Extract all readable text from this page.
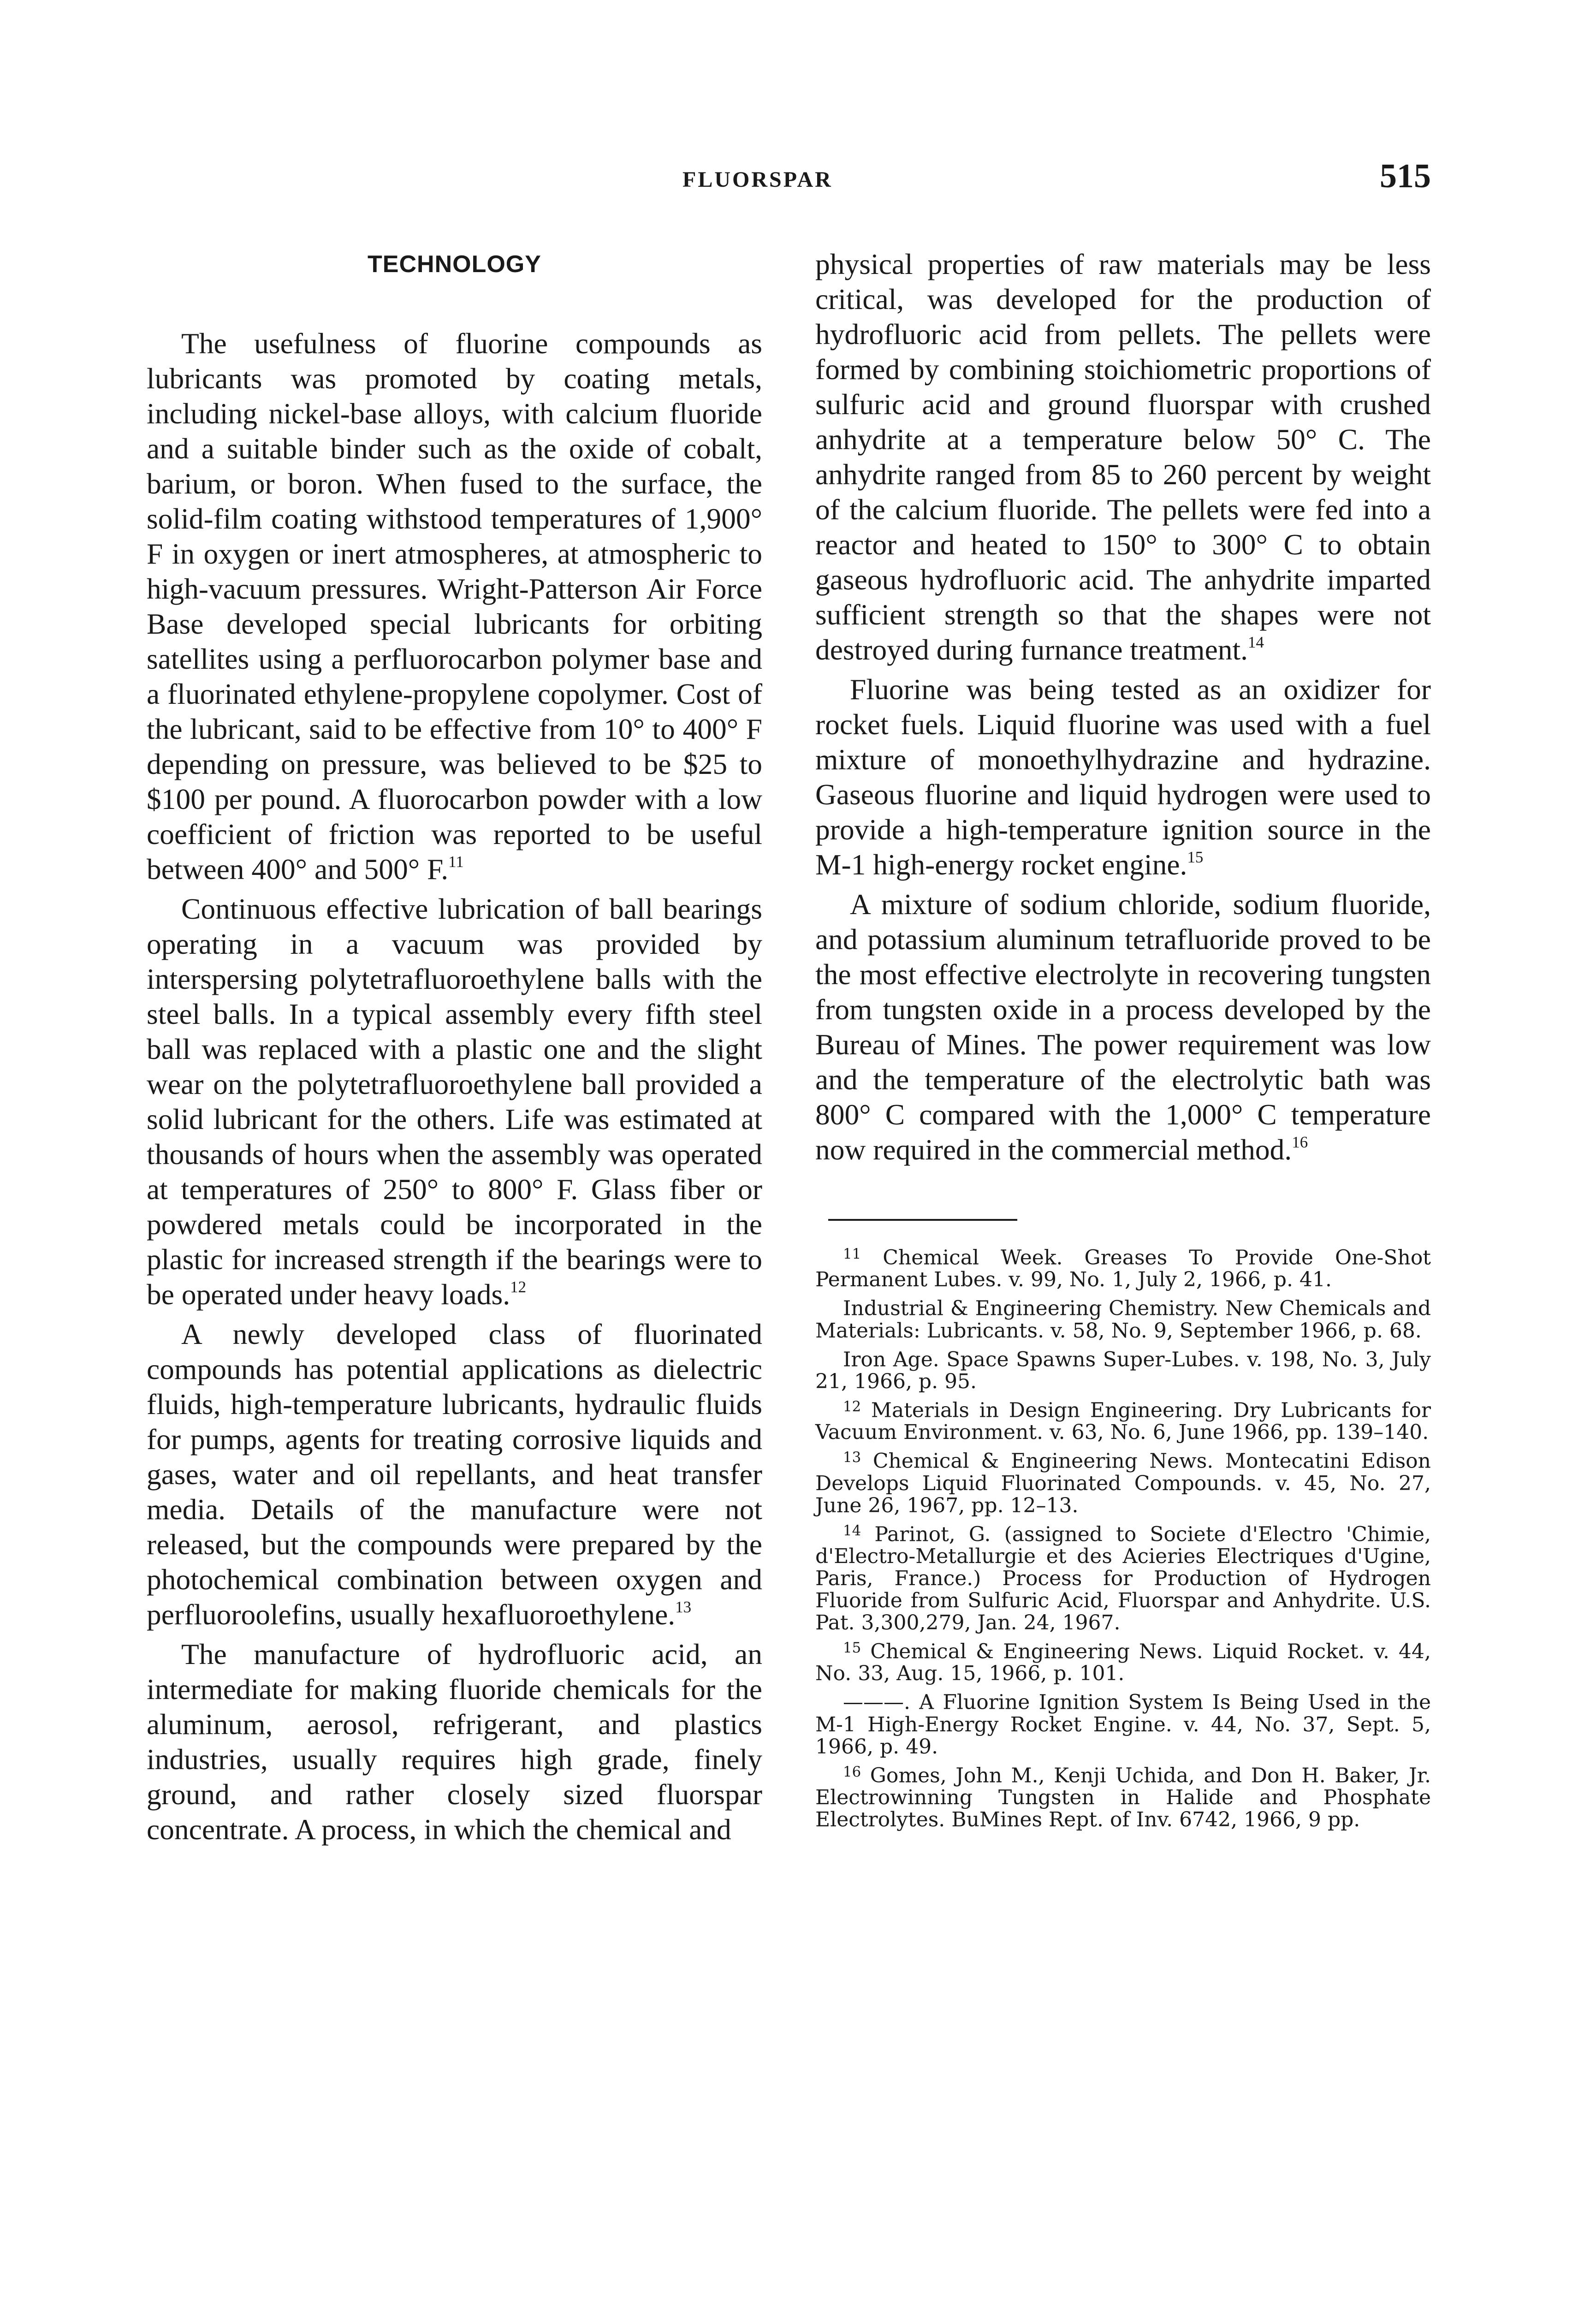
FLUORSPAR	515
TECHNOLOGY

The usefulness of fluorine compounds as lubricants was promoted by coating metals, including nickel-base alloys, with calcium fluoride and a suitable binder such as the oxide of cobalt, barium, or boron. When fused to the surface, the solid-film coating withstood temperatures of 1,900° F in oxygen or inert atmospheres, at atmospheric to high-vacuum pressures. Wright-Patterson Air Force Base developed special lubricants for orbiting satellites using a perfluorocarbon polymer base and a fluorinated ethylene-propylene copolymer. Cost of the lubricant, said to be effective from 10° to 400° F depending on pressure, was believed to be $25 to $100 per pound. A fluorocarbon powder with a low coefficient of friction was reported to be useful between 400° and 500° F.$^{11}$

Continuous effective lubrication of ball bearings operating in a vacuum was provided by interspersing polytetrafluoroethylene balls with the steel balls. In a typical assembly every fifth steel ball was replaced with a plastic one and the slight wear on the polytetrafluoroethylene ball provided a solid lubricant for the others. Life was estimated at thousands of hours when the assembly was operated at temperatures of 250° to 800° F. Glass fiber or powdered metals could be incorporated in the plastic for increased strength if the bearings were to be operated under heavy loads.$^{12}$

A newly developed class of fluorinated compounds has potential applications as dielectric fluids, high-temperature lubricants, hydraulic fluids for pumps, agents for treating corrosive liquids and gases, water and oil repellants, and heat transfer media. Details of the manufacture were not released, but the compounds were prepared by the photochemical combination between oxygen and perfluoroolefins, usually hexafluoroethylene.$^{13}$

The manufacture of hydrofluoric acid, an intermediate for making fluoride chemicals for the aluminum, aerosol, refrigerant, and plastics industries, usually requires high grade, finely ground, and rather closely sized fluorspar concentrate. A process, in which the chemical and

physical properties of raw materials may be less critical, was developed for the production of hydrofluoric acid from pellets. The pellets were formed by combining stoichiometric proportions of sulfuric acid and ground fluorspar with crushed anhydrite at a temperature below 50° C. The anhydrite ranged from 85 to 260 percent by weight of the calcium fluoride. The pellets were fed into a reactor and heated to 150° to 300° C to obtain gaseous hydrofluoric acid. The anhydrite imparted sufficient strength so that the shapes were not destroyed during furnance treatment.$^{14}$

Fluorine was being tested as an oxidizer for rocket fuels. Liquid fluorine was used with a fuel mixture of monoethylhydrazine and hydrazine. Gaseous fluorine and liquid hydrogen were used to provide a high-temperature ignition source in the M-1 high-energy rocket engine.$^{15}$

A mixture of sodium chloride, sodium fluoride, and potassium aluminum tetrafluoride proved to be the most effective electrolyte in recovering tungsten from tungsten oxide in a process developed by the Bureau of Mines. The power requirement was low and the temperature of the electrolytic bath was 800° C compared with the 1,000° C temperature now required in the commercial method.$^{16}$

$^{11}$ Chemical Week. Greases To Provide One-Shot Permanent Lubes. v. 99, No. 1, July 2, 1966, p. 41.

Industrial & Engineering Chemistry. New Chemicals and Materials: Lubricants. v. 58, No. 9, September 1966, p. 68.

Iron Age. Space Spawns Super-Lubes. v. 198, No. 3, July 21, 1966, p. 95.

$^{12}$ Materials in Design Engineering. Dry Lubricants for Vacuum Environment. v. 63, No. 6, June 1966, pp. 139–140.

$^{13}$ Chemical & Engineering News. Montecatini Edison Develops Liquid Fluorinated Compounds. v. 45, No. 27, June 26, 1967, pp. 12–13.

$^{14}$ Parinot, G. (assigned to Societe d'Electro 'Chimie, d'Electro-Metallurgie et des Acieries Electriques d'Ugine, Paris, France.) Process for Production of Hydrogen Fluoride from Sulfuric Acid, Fluorspar and Anhydrite. U.S. Pat. 3,300,279, Jan. 24, 1967.

$^{15}$ Chemical & Engineering News. Liquid Rocket. v. 44, No. 33, Aug. 15, 1966, p. 101.

———. A Fluorine Ignition System Is Being Used in the M-1 High-Energy Rocket Engine. v. 44, No. 37, Sept. 5, 1966, p. 49.

$^{16}$ Gomes, John M., Kenji Uchida, and Don H. Baker, Jr. Electrowinning Tungsten in Halide and Phosphate Electrolytes. BuMines Rept. of Inv. 6742, 1966, 9 pp.
